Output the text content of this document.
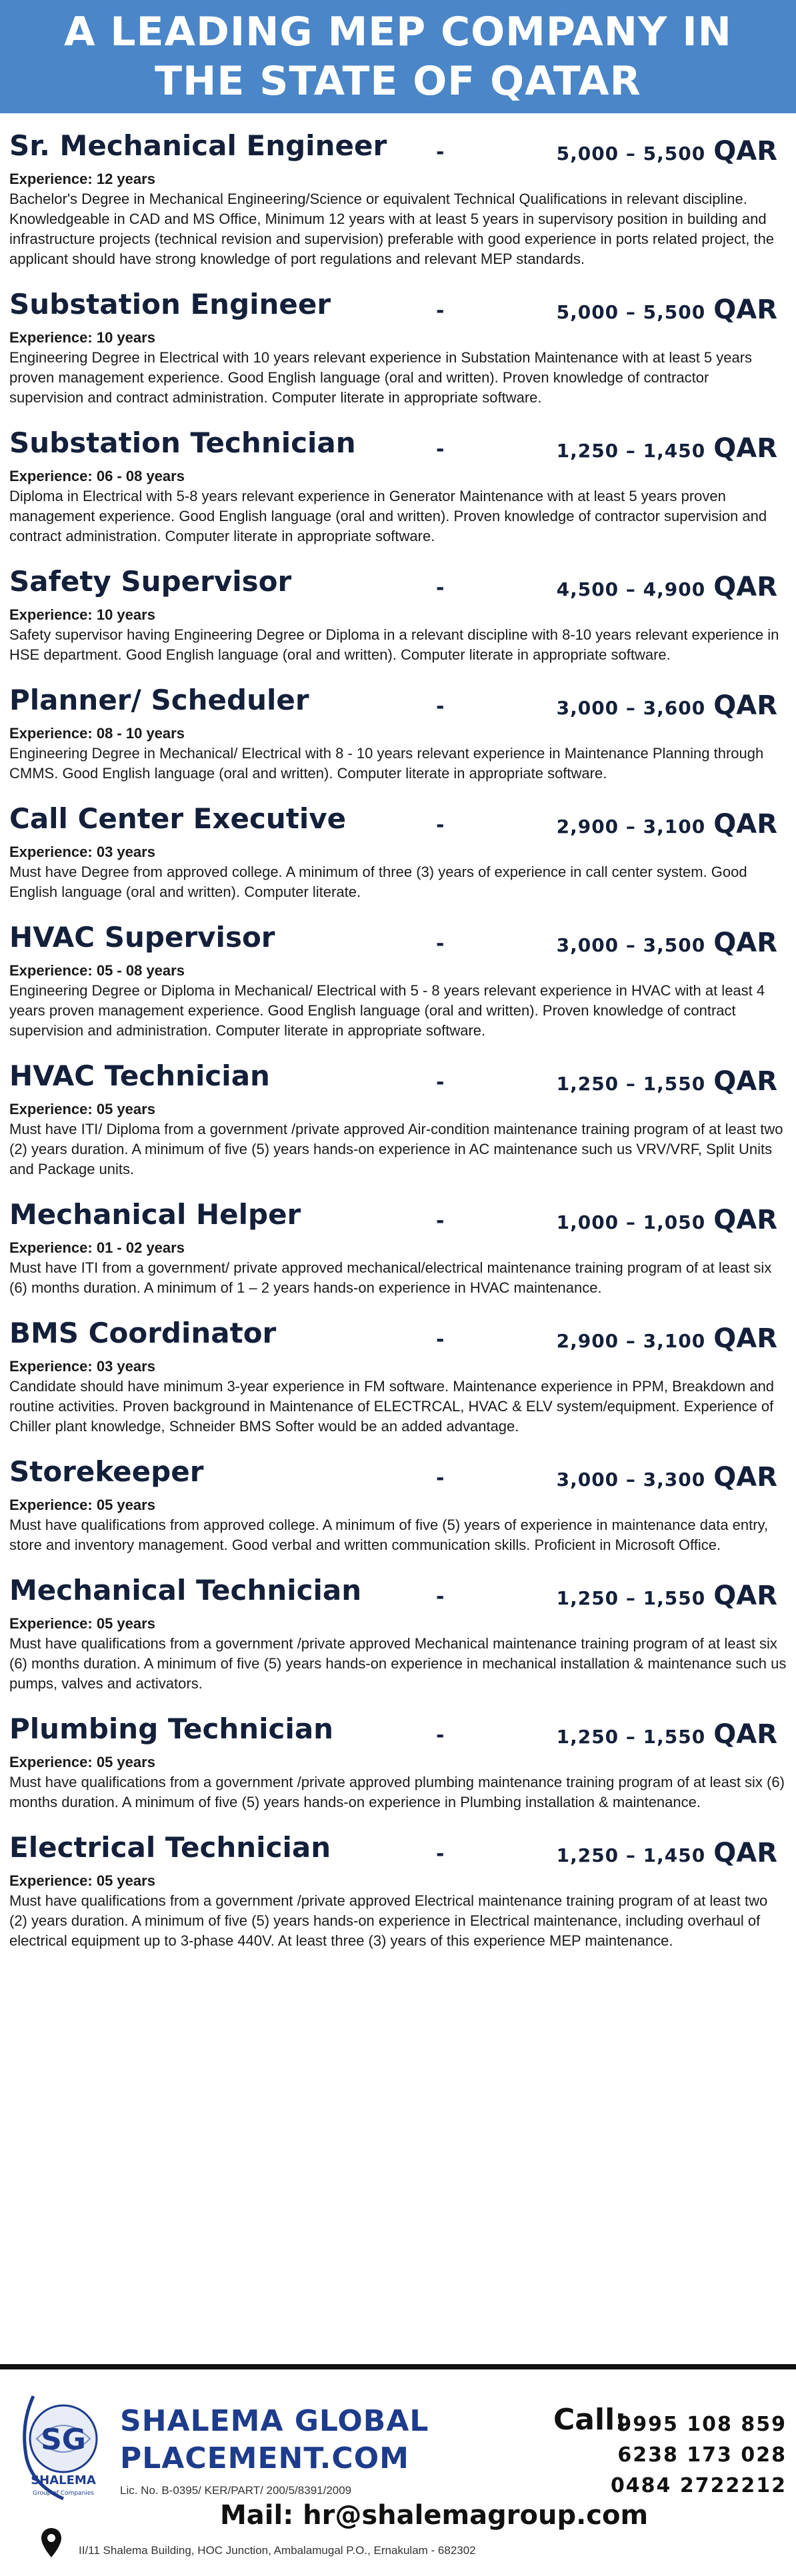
A LEADING MEP COMPANY IN
THE STATE OF QATAR
Sr. Mechanical Engineer -	5,000 – 5,500 QAR
Experience: 12 years
Bachelor's Degree in Mechanical Engineering/Science or equivalent Technical Qualifications in relevant discipline. Knowledgeable in CAD and MS Office, Minimum 12 years with at least 5 years in supervisory position in building and infrastructure projects (technical revision and supervision) preferable with good experience in ports related project, the applicant should have strong knowledge of port regulations and relevant MEP standards.
Substation Engineer	-	5,000 – 5,500 QAR
Experience: 10 years
Engineering Degree in Electrical with 10 years relevant experience in Substation Maintenance with at least 5 years proven management experience. Good English language (oral and written). Proven knowledge of contractor supervision and contract administration. Computer literate in appropriate software.
Substation Technician	-	1,250 – 1,450 QAR
Experience: 06 - 08 years
Diploma in Electrical with 5-8 years relevant experience in Generator Maintenance with at least 5 years proven management experience. Good English language (oral and written). Proven knowledge of contractor supervision and contract administration. Computer literate in appropriate software.
Safety Supervisor	-	4,500 – 4,900 QAR
Experience: 10 years
Safety supervisor having Engineering Degree or Diploma in a relevant discipline with 8-10 years relevant experience in HSE department. Good English language (oral and written). Computer literate in appropriate software.
Planner/ Scheduler	-	3,000 – 3,600 QAR
Experience: 08 - 10 years
Engineering Degree in Mechanical/ Electrical with 8 - 10 years relevant experience in Maintenance Planning through CMMS. Good English language (oral and written). Computer literate in appropriate software.
Call Center Executive	-	2,900 – 3,100 QAR
Experience: 03 years
Must have Degree from approved college. A minimum of three (3) years of experience in call center system. Good English language (oral and written). Computer literate.
HVAC Supervisor	-	3,000 – 3,500 QAR
Experience: 05 - 08 years
Engineering Degree or Diploma in Mechanical/ Electrical with 5 - 8 years relevant experience in HVAC with at least 4 years proven management experience. Good English language (oral and written). Proven knowledge of contract supervision and administration. Computer literate in appropriate software.
HVAC Technician	-	1,250 – 1,550 QAR
Experience: 05 years
Must have ITI/ Diploma from a government /private approved Air-condition maintenance training program of at least two (2) years duration. A minimum of five (5) years hands-on experience in AC maintenance such us VRV/VRF, Split Units and Package units.
Mechanical Helper	-	1,000 – 1,050 QAR
Experience: 01 - 02 years
Must have ITI from a government/ private approved mechanical/electrical maintenance training program of at least six (6) months duration. A minimum of 1 – 2 years hands-on experience in HVAC maintenance.
BMS Coordinator	-	2,900 – 3,100 QAR
Experience: 03 years
Candidate should have minimum 3-year experience in FM software. Maintenance experience in PPM, Breakdown and routine activities. Proven background in Maintenance of ELECTRCAL, HVAC & ELV system/equipment. Experience of Chiller plant knowledge, Schneider BMS Softer would be an added advantage.
Storekeeper	-	3,000 – 3,300 QAR
Experience: 05 years
Must have qualifications from approved college. A minimum of five (5) years of experience in maintenance data entry, store and inventory management. Good verbal and written communication skills. Proficient in Microsoft Office.
Mechanical Technician	-	1,250 – 1,550 QAR
Experience: 05 years
Must have qualifications from a government /private approved Mechanical maintenance training program of at least six (6) months duration. A minimum of five (5) years hands-on experience in mechanical installation & maintenance such us pumps, valves and activators.
Plumbing Technician	-	1,250 – 1,550 QAR
Experience: 05 years
Must have qualifications from a government /private approved plumbing maintenance training program of at least six (6) months duration. A minimum of five (5) years hands-on experience in Plumbing installation & maintenance.
Electrical Technician	-	1,250 – 1,450 QAR
Experience: 05 years
Must have qualifications from a government /private approved Electrical maintenance training program of at least two (2) years duration. A minimum of five (5) years hands-on experience in Electrical maintenance, including overhaul of electrical equipment up to 3-phase 440V. At least three (3) years of this experience MEP maintenance.
SG
SHALEMA
Group of Companies
SHALEMA GLOBAL
PLACEMENT.COM
Lic. No. B-0395/ KER/PART/ 200/5/8391/2009
Call:
9995 108 859
6238 173 028
0484 2722212
Mail: hr@shalemagroup.com
II/11 Shalema Building, HOC Junction, Ambalamugal P.O., Ernakulam - 682302
